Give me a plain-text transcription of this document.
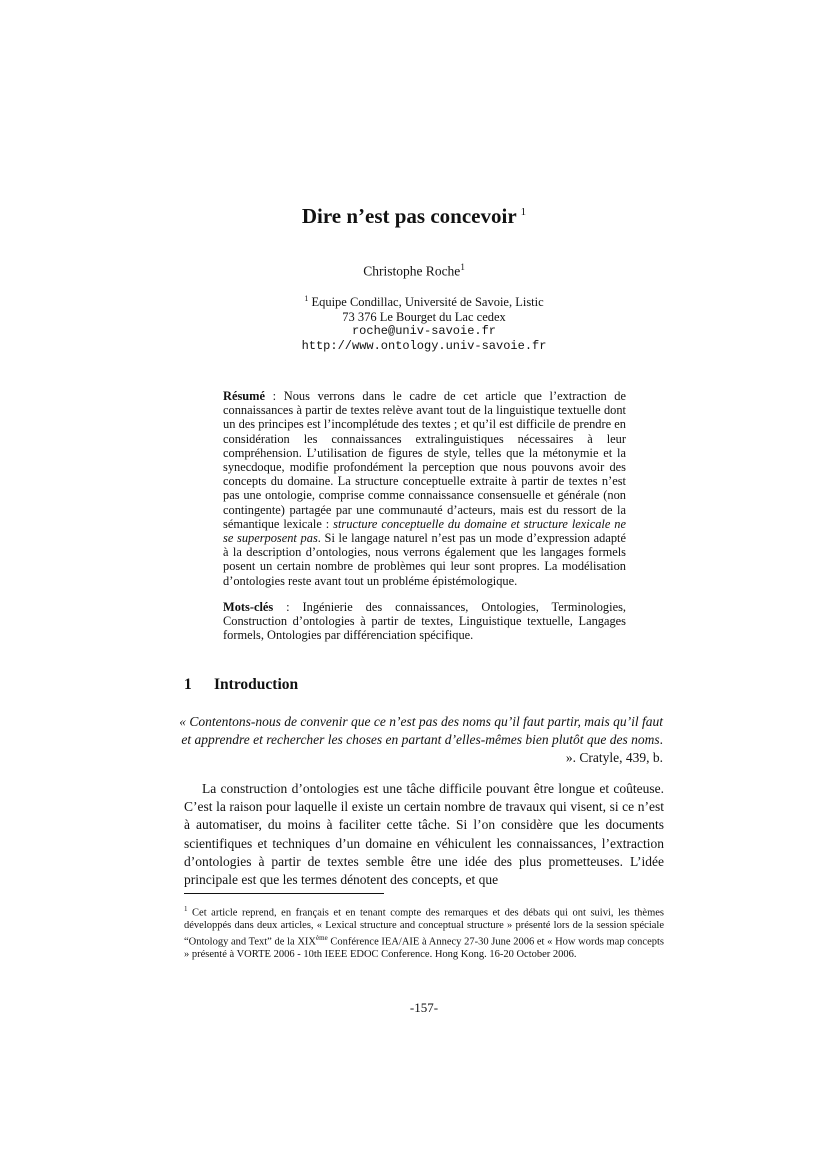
Dire n’est pas concevoir $^1$
Christophe Roche$^1$
$^1$ Equipe Condillac, Université de Savoie, Listic
73 376 Le Bourget du Lac cedex
roche@univ-savoie.fr
http://www.ontology.univ-savoie.fr
Résumé : Nous verrons dans le cadre de cet article que l’extraction de connaissances à partir de textes relève avant tout de la linguistique textuelle dont un des principes est l’incomplétude des textes ; et qu’il est difficile de prendre en considération les connaissances extralinguistiques nécessaires à leur compréhension. L’utilisation de figures de style, telles que la métonymie et la synecdoque, modifie profondément la perception que nous pouvons avoir des concepts du domaine. La structure conceptuelle extraite à partir de textes n’est pas une ontologie, comprise comme connaissance consensuelle et générale (non contingente) partagée par une communauté d’acteurs, mais est du ressort de la sémantique lexicale : structure conceptuelle du domaine et structure lexicale ne se superposent pas. Si le langage naturel n’est pas un mode d’expression adapté à la description d’ontologies, nous verrons également que les langages formels posent un certain nombre de problèmes qui leur sont propres. La modélisation d’ontologies reste avant tout un probléme épistémologique.
Mots-clés : Ingénierie des connaissances, Ontologies, Terminologies, Construction d’ontologies à partir de textes, Linguistique textuelle, Langages formels, Ontologies par différenciation spécifique.
1 Introduction
« Contentons-nous de convenir que ce n’est pas des noms qu’il faut partir, mais qu’il faut et apprendre et rechercher les choses en partant d’elles-mêmes bien plutôt que des noms. ». Cratyle, 439, b.
La construction d’ontologies est une tâche difficile pouvant être longue et coûteuse. C’est la raison pour laquelle il existe un certain nombre de travaux qui visent, si ce n’est à automatiser, du moins à faciliter cette tâche. Si l’on considère que les documents scientifiques et techniques d’un domaine en véhiculent les connaissances, l’extraction d’ontologies à partir de textes semble être une idée des plus prometteuses. L’idée principale est que les termes dénotent des concepts, et que
$^1$ Cet article reprend, en français et en tenant compte des remarques et des débats qui ont suivi, les thèmes développés dans deux articles, « Lexical structure and conceptual structure » présenté lors de la session spéciale “Ontology and Text” de la XIXème Conférence IEA/AIE à Annecy 27-30 June 2006 et « How words map concepts » présenté à VORTE 2006 - 10th IEEE EDOC Conference. Hong Kong. 16-20 October 2006.
-157-
